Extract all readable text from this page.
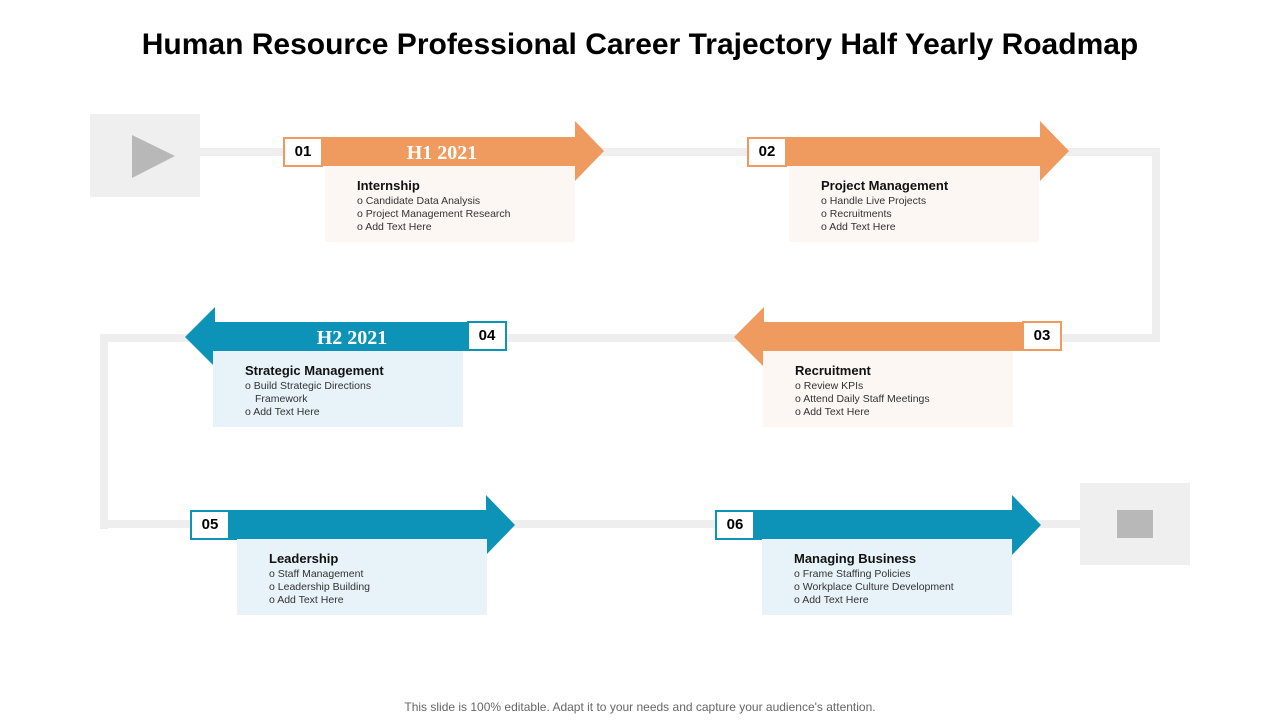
Human Resource Professional Career Trajectory Half Yearly Roadmap
H1 2021
H2 2021
01	02
03
04
05	06
Internship
o Candidate Data Analysis
o Project Management Research
o Add Text Here
Project Management
o Handle Live Projects
o Recruitments
o Add Text Here
Recruitment
o Review KPIs
o Attend Daily Staff Meetings
o Add Text Here
Strategic Management
o Build Strategic Directions Framework
o Add Text Here
Leadership
o Staff Management
o Leadership Building
o Add Text Here
Managing Business
o Frame Staffing Policies
o Workplace Culture Development
o Add Text Here
This slide is 100% editable. Adapt it to your needs and capture your audience's attention.
